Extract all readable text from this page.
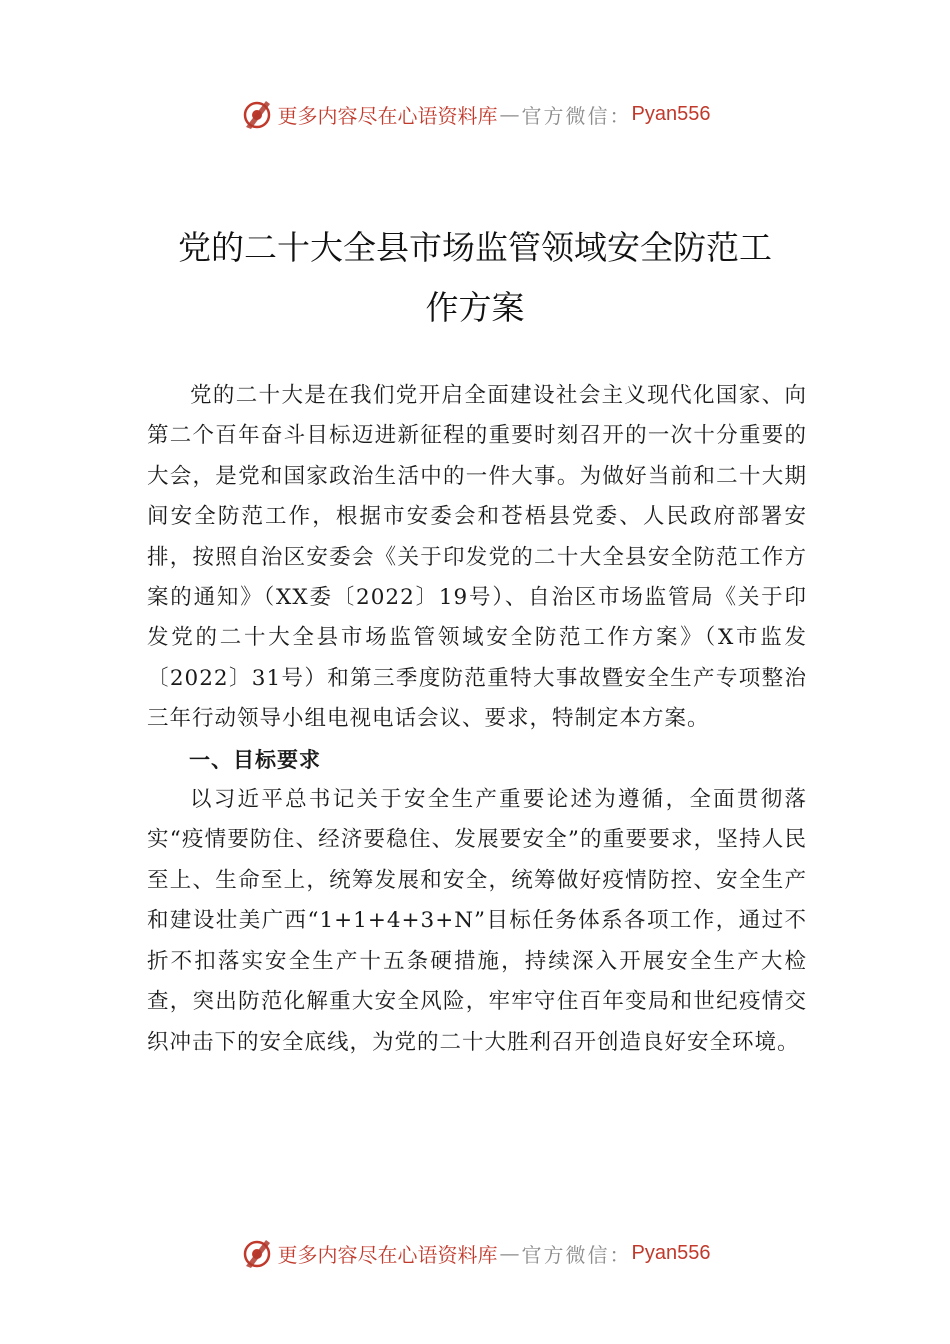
更多内容尽在心语资料库 — 官方微信： Pyan556
党的二十大全县市场监管领域安全防范工
作方案

党的二十大是在我们党开启全面建设社会主义现代化国家、向第二个百年奋斗目标迈进新征程的重要时刻召开的一次十分重要的大会，是党和国家政治生活中的一件大事。为做好当前和二十大期间安全防范工作，根据市安委会和苍梧县党委、人民政府部署安排，按照自治区安委会《关于印发党的二十大全县安全防范工作方案的通知》（XX委〔2022〕19号）、自治区市场监管局《关于印发党的二十大全县市场监管领域安全防范工作方案》（X市监发〔2022〕31号）和第三季度防范重特大事故暨安全生产专项整治三年行动领导小组电视电话会议、要求，特制定本方案。

一、目标要求

以习近平总书记关于安全生产重要论述为遵循，全面贯彻落实“疫情要防住、经济要稳住、发展要安全”的重要要求，坚持人民至上、生命至上，统筹发展和安全，统筹做好疫情防控、安全生产和建设壮美广西“1+1+4+3+N”目标任务体系各项工作，通过不折不扣落实安全生产十五条硬措施，持续深入开展安全生产大检查，突出防范化解重大安全风险，牢牢守住百年变局和世纪疫情交织冲击下的安全底线，为党的二十大胜利召开创造良好安全环境。

更多内容尽在心语资料库 — 官方微信： Pyan556
